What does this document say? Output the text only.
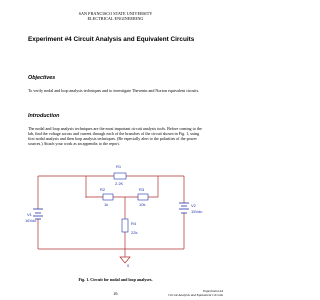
SAN FRANCISCO STATE UNIVERSITY
ELECTRICAL ENGINEERING
Experiment #4 Circuit Analysis and Equivalent Circuits
Objectives
To verify nodal and loop analysis techniques and to investigate Thevenin and Norton equivalent circuits.
Introduction
The nodal and loop analysis techniques are the most important circuit analysis tools. Before coming to the lab, find the voltage across and current through each of the branches of the circuit shown in Fig. 1, using first nodal analysis and then loop analysis techniques. (Be especially alert to the polarities of the power sources.) Attach your work as an appendix to the report.
R1
2.2K
R2
1k
R3
10k
R4
22k
V1
16Vdc
V2
15Vdc
0
Fig. 1. Circuit for nodal and loop analyses.
26	Experiment #4
Circuit Analysis and Equivalent Circuits
